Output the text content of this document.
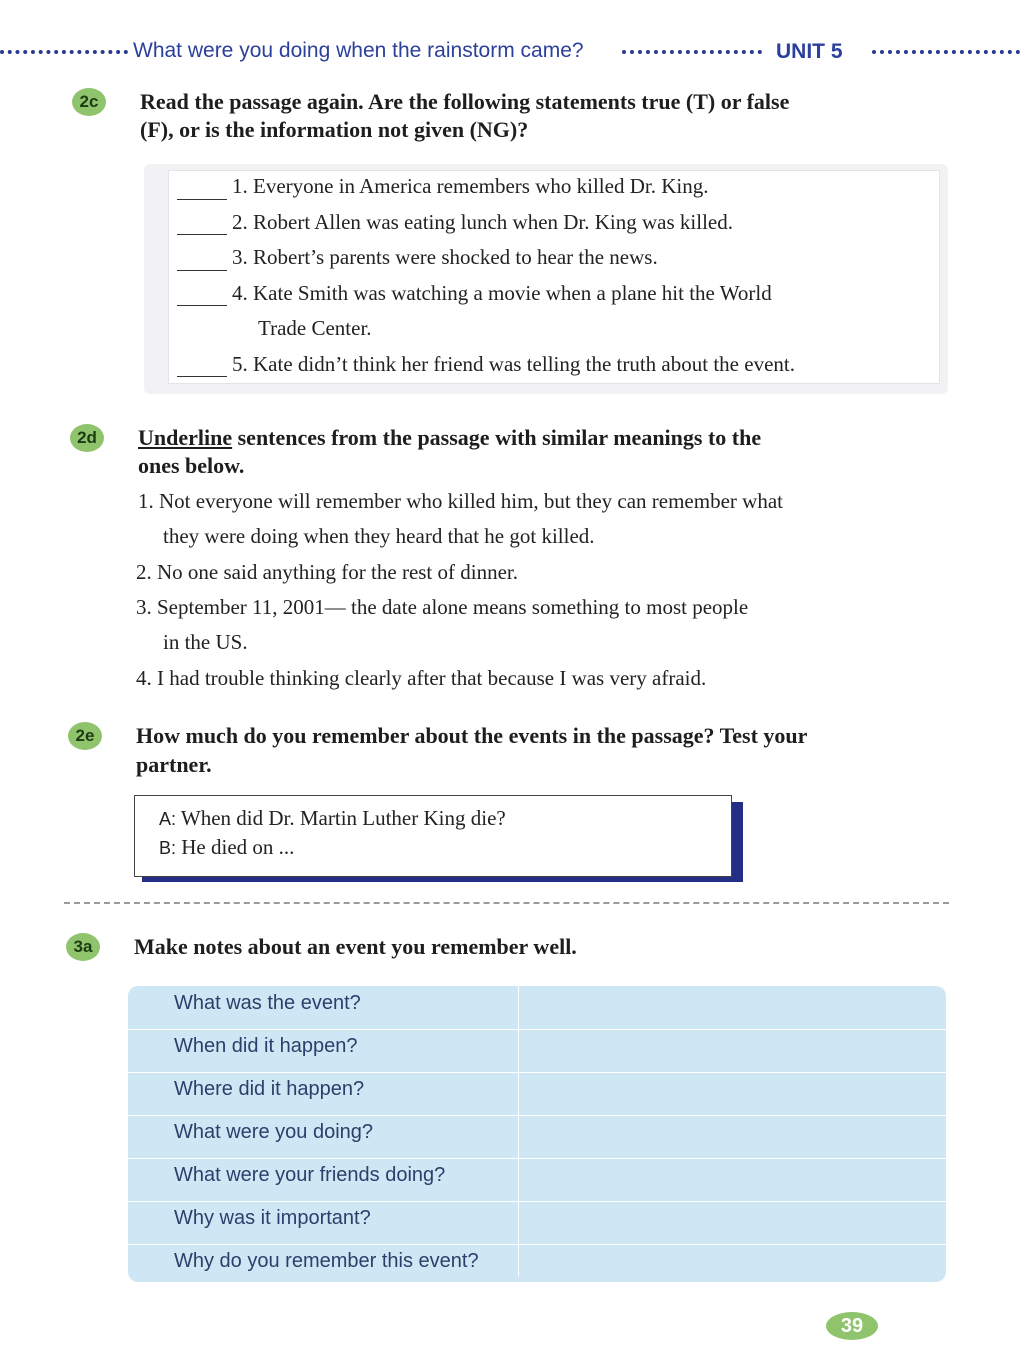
What were you doing when the rainstorm came?	UNIT 5
2c	Read the passage again. Are the following statements true (T) or false
(F), or is the information not given (NG)?
1. Everyone in America remembers who killed Dr. King.
2. Robert Allen was eating lunch when Dr. King was killed.
3. Robert’s parents were shocked to hear the news.
4. Kate Smith was watching a movie when a plane hit the World
Trade Center.
5. Kate didn’t think her friend was telling the truth about the event.
2d	Underline sentences from the passage with similar meanings to the
ones below.
1. Not everyone will remember who killed him, but they can remember what
they were doing when they heard that he got killed.
2. No one said anything for the rest of dinner.
3. September 11, 2001— the date alone means something to most people
in the US.
4. I had trouble thinking clearly after that because I was very afraid.
2e	How much do you remember about the events in the passage? Test your
partner.
A: When did Dr. Martin Luther King die?
B: He died on ...
3a	Make notes about an event you remember well.
What was the event?
When did it happen?
Where did it happen?
What were you doing?
What were your friends doing?
Why was it important?
Why do you remember this event?
39
